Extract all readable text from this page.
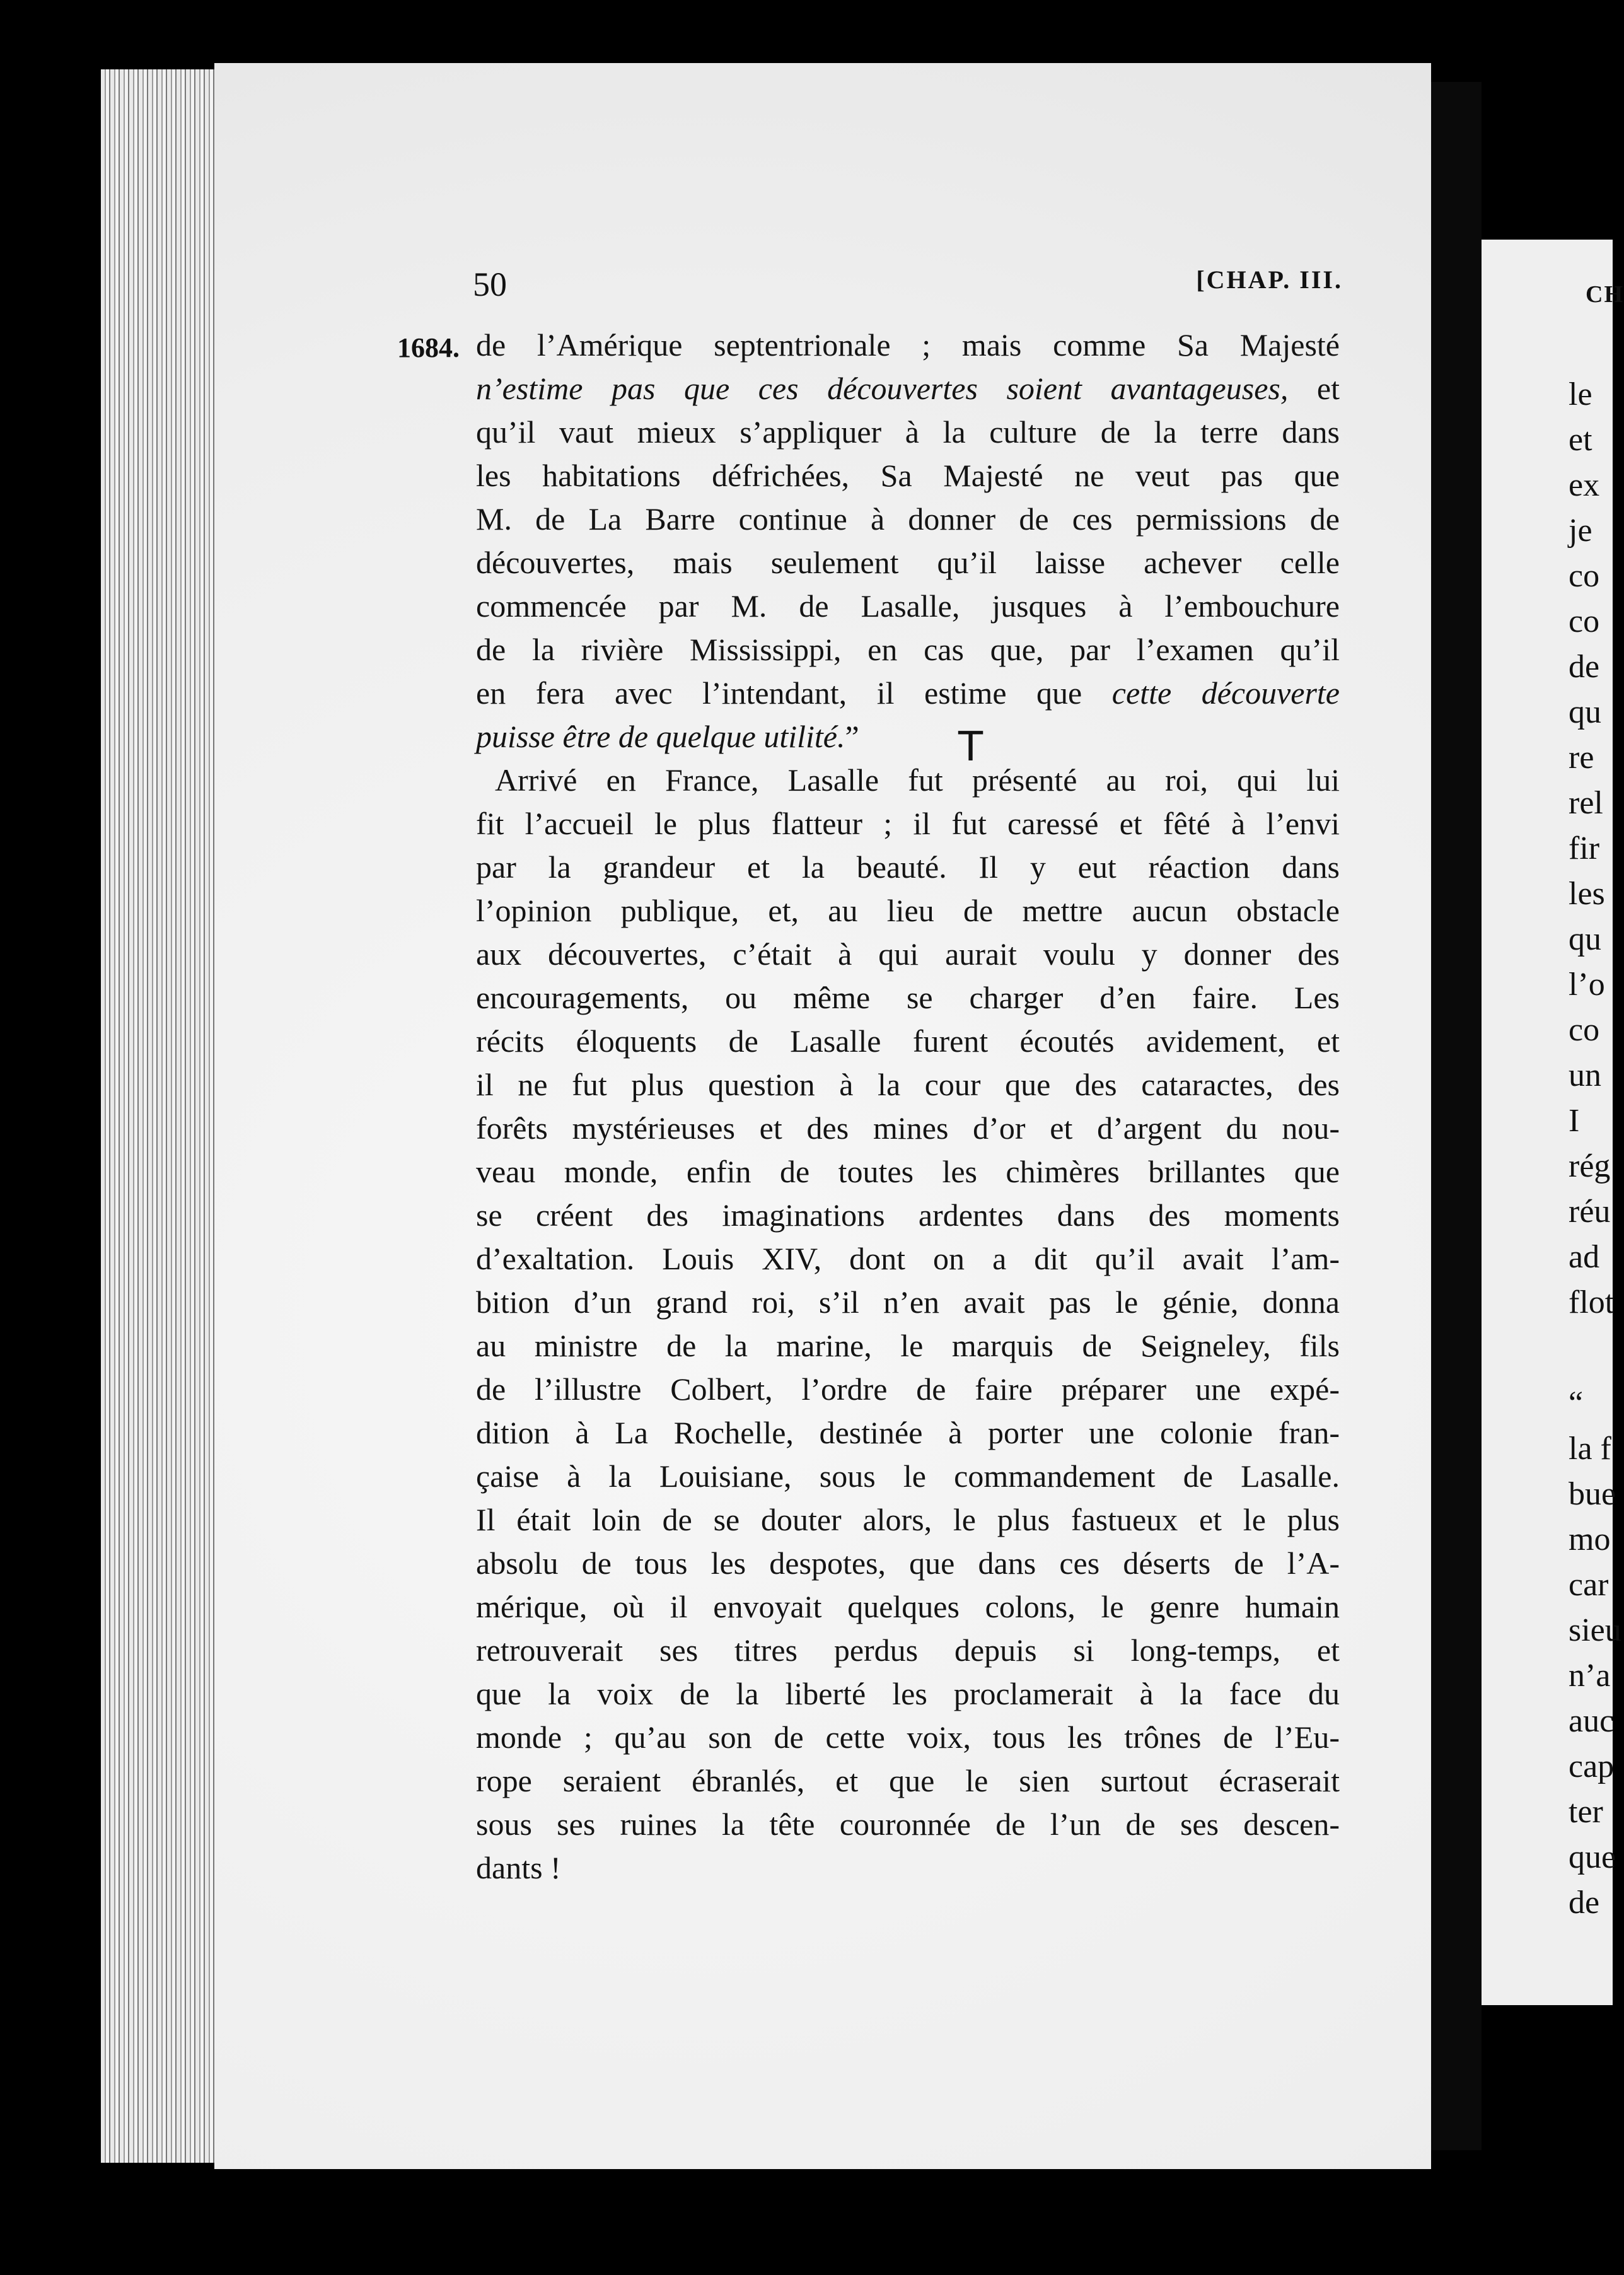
CH
le
et
ex
je
co
co
de
qu
re
rel
fir
les
qu
l’o
co
un
I
rég
réu
ad
flot
“
la f
bue
mo
car
sieu
n’a
auc
cap
ter
que
de
50	[CHAP. III.
1684. de l’Amérique septentrionale ; mais comme Sa Majesté
n’estime pas que ces découvertes soient avantageuses, et
qu’il vaut mieux s’appliquer à la culture de la terre dans
les habitations défrichées, Sa Majesté ne veut pas que
M. de La Barre continue à donner de ces permissions de
découvertes, mais seulement qu’il laisse achever celle
commencée par M. de Lasalle, jusques à l’embouchure
de la rivière Mississippi, en cas que, par l’examen qu’il
en fera avec l’intendant, il estime que cette découverte
puisse être de quelque utilité.”
Arrivé en France, Lasalle fut présenté au roi, qui lui
fit l’accueil le plus flatteur ; il fut caressé et fêté à l’envi
par la grandeur et la beauté. Il y eut réaction dans
l’opinion publique, et, au lieu de mettre aucun obstacle
aux découvertes, c’était à qui aurait voulu y donner des
encouragements, ou même se charger d’en faire. Les
récits éloquents de Lasalle furent écoutés avidement, et
il ne fut plus question à la cour que des cataractes, des
forêts mystérieuses et des mines d’or et d’argent du nou-
veau monde, enfin de toutes les chimères brillantes que
se créent des imaginations ardentes dans des moments
d’exaltation. Louis XIV, dont on a dit qu’il avait l’am-
bition d’un grand roi, s’il n’en avait pas le génie, donna
au ministre de la marine, le marquis de Seigneley, fils
de l’illustre Colbert, l’ordre de faire préparer une expé-
dition à La Rochelle, destinée à porter une colonie fran-
çaise à la Louisiane, sous le commandement de Lasalle.
Il était loin de se douter alors, le plus fastueux et le plus
absolu de tous les despotes, que dans ces déserts de l’A-
mérique, où il envoyait quelques colons, le genre humain
retrouverait ses titres perdus depuis si long-temps, et
que la voix de la liberté les proclamerait à la face du
monde ; qu’au son de cette voix, tous les trônes de l’Eu-
rope seraient ébranlés, et que le sien surtout écraserait
sous ses ruines la tête couronnée de l’un de ses descen-
dants !
T
